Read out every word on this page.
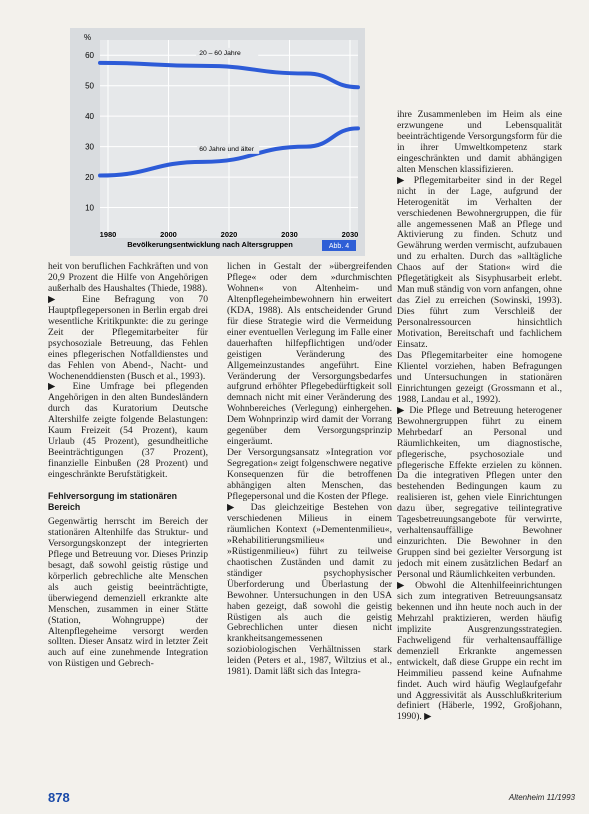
%
60
50
40
30
20
10
20 – 60 Jahre
60 Jahre und älter
1980	2000	2020	2030	2030
Bevölkerungsentwicklung nach Altersgruppen	Abb. 4

ihre Zusammenleben im Heim als eine erzwungene und Lebensqualität beeinträchtigende Versorgungsform für die in ihrer Umweltkompetenz stark eingeschränkten und damit abhängigen alten Menschen klassifizieren.

▶ Pflegemitarbeiter sind in der Regel nicht in der Lage, aufgrund der Heterogenität im Verhalten der verschiedenen Bewohnergruppen, die für alle angemessenen Maß an Pflege und Aktivierung zu finden. Schutz und Gewährung werden vermischt, aufzubauen und zu erhalten. Durch das »alltägliche Chaos auf der Station« wird die Pflegetätigkeit als Sisyphusarbeit erlebt. Man muß ständig von vorn anfangen, ohne das Ziel zu erreichen (Sowinski, 1993). Dies führt zum Verschleiß der Personalressourcen hinsichtlich Motivation, Bereitschaft und fachlichem Einsatz.

Das Pflegemitarbeiter eine homogene Klientel vorziehen, haben Befragungen und Untersuchungen in stationären Einrichtungen gezeigt (Grossmann et al., 1988, Landau et al., 1992).

▶ Die Pflege und Betreuung heterogener Bewohnergruppen führt zu einem Mehrbedarf an Personal und Räumlichkeiten, um diagnostische, pflegerische, psychosoziale und pflegerische Effekte erzielen zu können. Da die integrativen Pflegen unter den bestehenden Bedingungen kaum zu realisieren ist, gehen viele Einrichtungen dazu über, segregative teilintegrative Tagesbetreuungsangebote für verwirrte, verhaltensauffällige Bewohner einzurichten. Die Bewohner in den Gruppen sind bei gezielter Versorgung ist jedoch mit einem zusätzlichen Bedarf an Personal und Räumlichkeiten verbunden.

▶ Obwohl die Altenhilfeeinrichtungen sich zum integrativen Betreuungsansatz bekennen und ihn heute noch auch in der Mehrzahl praktizieren, werden häufig implizite Ausgrenzungsstrategien. Fachweligend für verhaltensauffällige demenziell Erkrankte angemessen entwickelt, daß diese Gruppe ein recht im Heimmilieu passend keine Aufnahme findet. Auch wird häufig Weglaufgefahr und Aggressivität als Ausschlußkriterium definiert (Häberle, 1992, Großjohann, 1990). ▶

heit von beruflichen Fachkräften und von 20,9 Prozent die Hilfe von Angehörigen außerhalb des Haushaltes (Thiede, 1988).

▶ Eine Befragung von 70 Hauptpflegepersonen in Berlin ergab drei wesentliche Kritikpunkte: die zu geringe Zeit der Pflegemitarbeiter für psychosoziale Betreuung, das Fehlen eines pflegerischen Notfalldienstes und das Fehlen von Abend-, Nacht- und Wochenenddiensten (Busch et al., 1993).

▶ Eine Umfrage bei pflegenden Angehörigen in den alten Bundesländern durch das Kuratorium Deutsche Altershilfe zeigte folgende Belastungen: Kaum Freizeit (54 Prozent), kaum Urlaub (45 Prozent), gesundheitliche Beeinträchtigungen (37 Prozent), finanzielle Einbußen (28 Prozent) und eingeschränkte Berufstätigkeit.

Fehlversorgung im stationären Bereich

Gegenwärtig herrscht im Bereich der stationären Altenhilfe das Struktur- und Versorgungskonzept der integrierten Pflege und Betreuung vor. Dieses Prinzip besagt, daß sowohl geistig rüstige und körperlich gebrechliche alte Menschen als auch geistig beeinträchtigte, überwiegend demenziell erkrankte alte Menschen, zusammen in einer Stätte (Station, Wohngruppe) der Altenpflegeheime versorgt werden sollten. Dieser Ansatz wird in letzter Zeit auch auf eine zunehmende Integration von Rüstigen und Gebrech-

lichen in Gestalt der »übergreifenden Pflege« oder dem »durchmischten Wohnen« von Altenheim- und Altenpflegeheimbewohnern hin erweitert (KDA, 1988). Als entscheidender Grund für diese Strategie wird die Vermeidung einer eventuellen Verlegung im Falle einer dauerhaften hilfepflichtigen und/oder geistigen Veränderung des Allgemeinzustandes angeführt. Eine Veränderung der Versorgungsbedarfes aufgrund erhöhter Pflegebedürftigkeit soll demnach nicht mit einer Veränderung des Wohnbereiches (Verlegung) einhergehen. Dem Wohnprinzip wird damit der Vorrang gegenüber dem Versorgungsprinzip eingeräumt.

Der Versorgungsansatz »Integration vor Segregation« zeigt folgenschwere negative Konsequenzen für die betroffenen abhängigen alten Menschen, das Pflegepersonal und die Kosten der Pflege.

▶ Das gleichzeitige Bestehen von verschiedenen Milieus in einem räumlichen Kontext (»Dementenmilieu«, »Rehabilitierungsmilieu« und »Rüstigenmilieu«) führt zu teilweise chaotischen Zuständen und damit zu ständiger psychophysischer Überforderung und Überlastung der Bewohner. Untersuchungen in den USA haben gezeigt, daß sowohl die geistig Rüstigen als auch die geistig Gebrechlichen unter diesen nicht krankheitsangemessenen soziobiologischen Verhältnissen stark leiden (Peters et al., 1987, Wiltzius et al., 1981). Damit läßt sich das Integra-

878	Altenheim 11/1993
